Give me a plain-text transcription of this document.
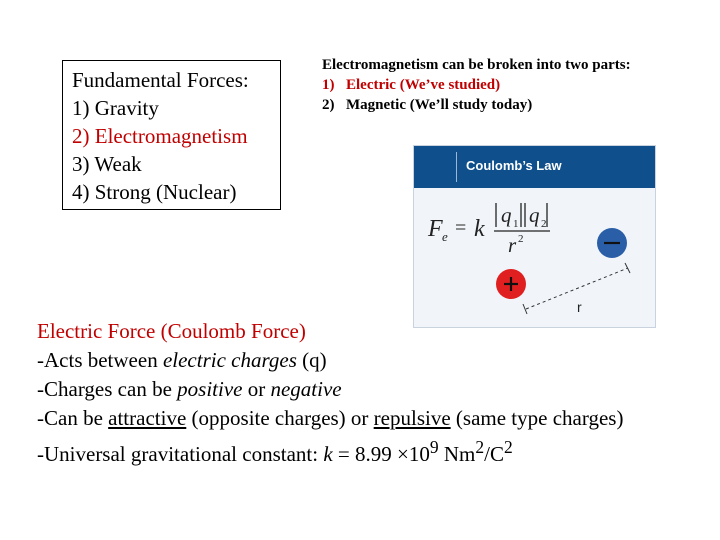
Fundamental Forces:
1) Gravity
2) Electromagnetism
3) Weak
4) Strong (Nuclear)
Electromagnetism can be broken into two parts:
1) Electric (We’ve studied)
2) Magnetic (We’ll study today)
Coulomb’s Law
F e = k
q 1 q 2
r 2
r
Electric Force (Coulomb Force)
-Acts between electric charges (q)
-Charges can be positive or negative
-Can be attractive (opposite charges) or repulsive (same type charges)
-Universal gravitational constant: $k = 8.99 \times 10^9$ $Nm^2/C^2$
